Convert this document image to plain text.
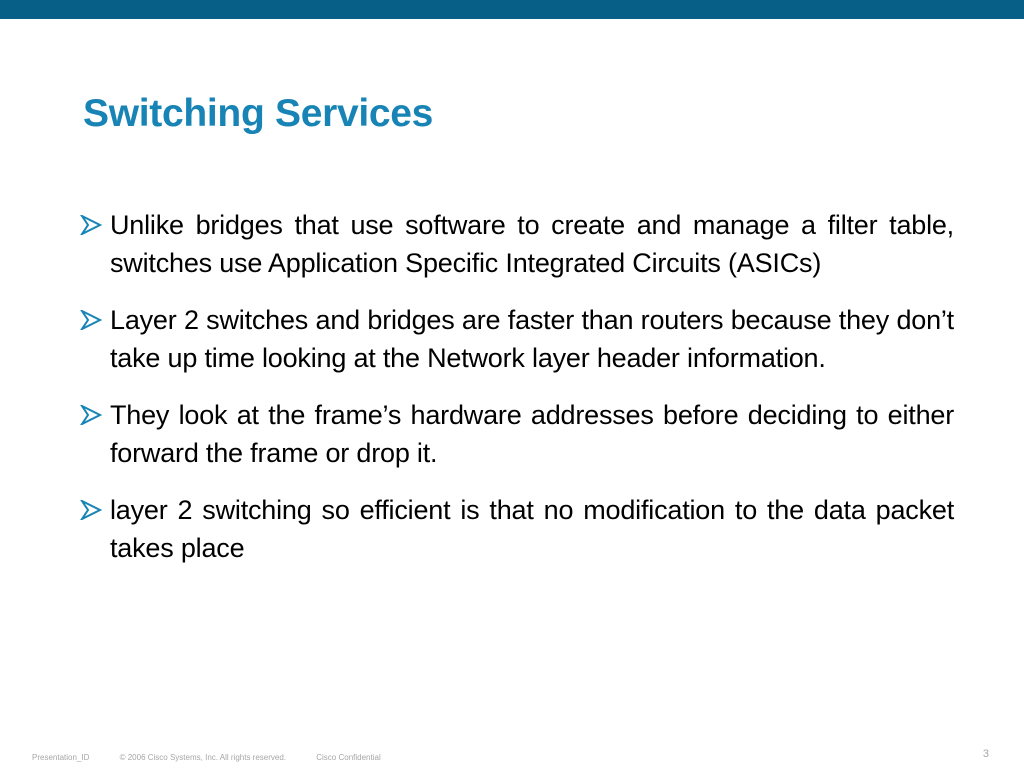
Switching Services
Unlike bridges that use software to create and manage a filter table, switches use Application Specific Integrated Circuits (ASICs)
Layer 2 switches and bridges are faster than routers because they don’t take up time looking at the Network layer header information.
They look at the frame’s hardware addresses before deciding to either forward the frame or drop it.
layer 2 switching so efficient is that no modification to the data packet takes place
Presentation_ID	© 2006 Cisco Systems, Inc. All rights reserved.	Cisco Confidential	3
